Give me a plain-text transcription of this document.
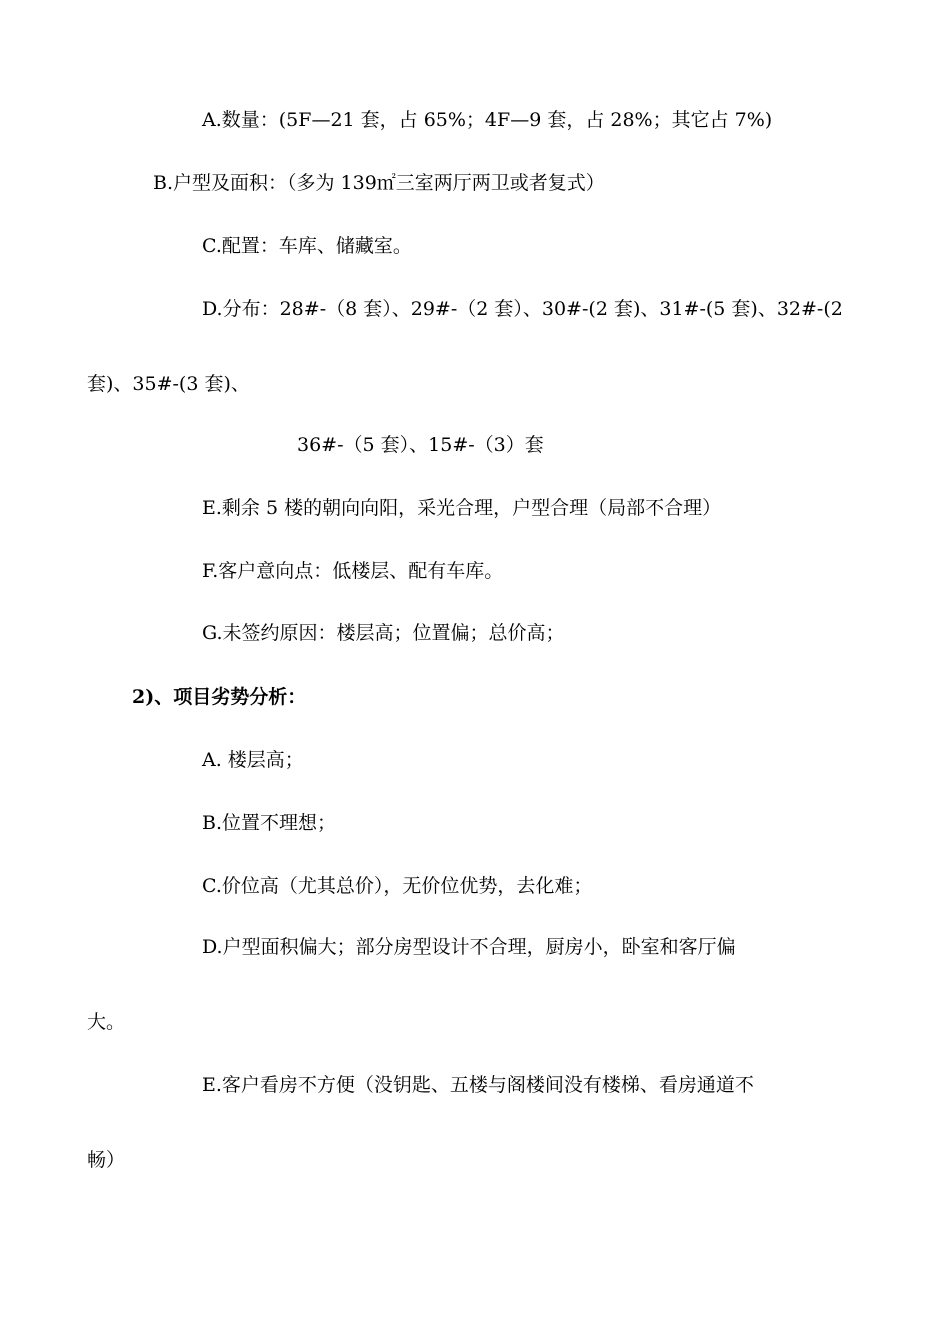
A.数量：(5F—21 套，占 65%；4F—9 套，占 28%；其它占 7%)
B.户型及面积：（多为 139㎡三室两厅两卫或者复式）
C.配置：车库、储藏室。
D.分布：28#-（8 套）、29#-（2 套）、30#-(2 套)、31#-(5 套)、32#-(2
套)、35#-(3 套)、
36#-（5 套）、15#-（3）套
E.剩余 5 楼的朝向向阳，采光合理，户型合理（局部不合理）
F.客户意向点：低楼层、配有车库。
G.未签约原因：楼层高；位置偏；总价高；
2)、项目劣势分析：
A. 楼层高；
B.位置不理想；
C.价位高（尤其总价），无价位优势，去化难；
D.户型面积偏大；部分房型设计不合理，厨房小，卧室和客厅偏
大。
E.客户看房不方便（没钥匙、五楼与阁楼间没有楼梯、看房通道不
畅）
